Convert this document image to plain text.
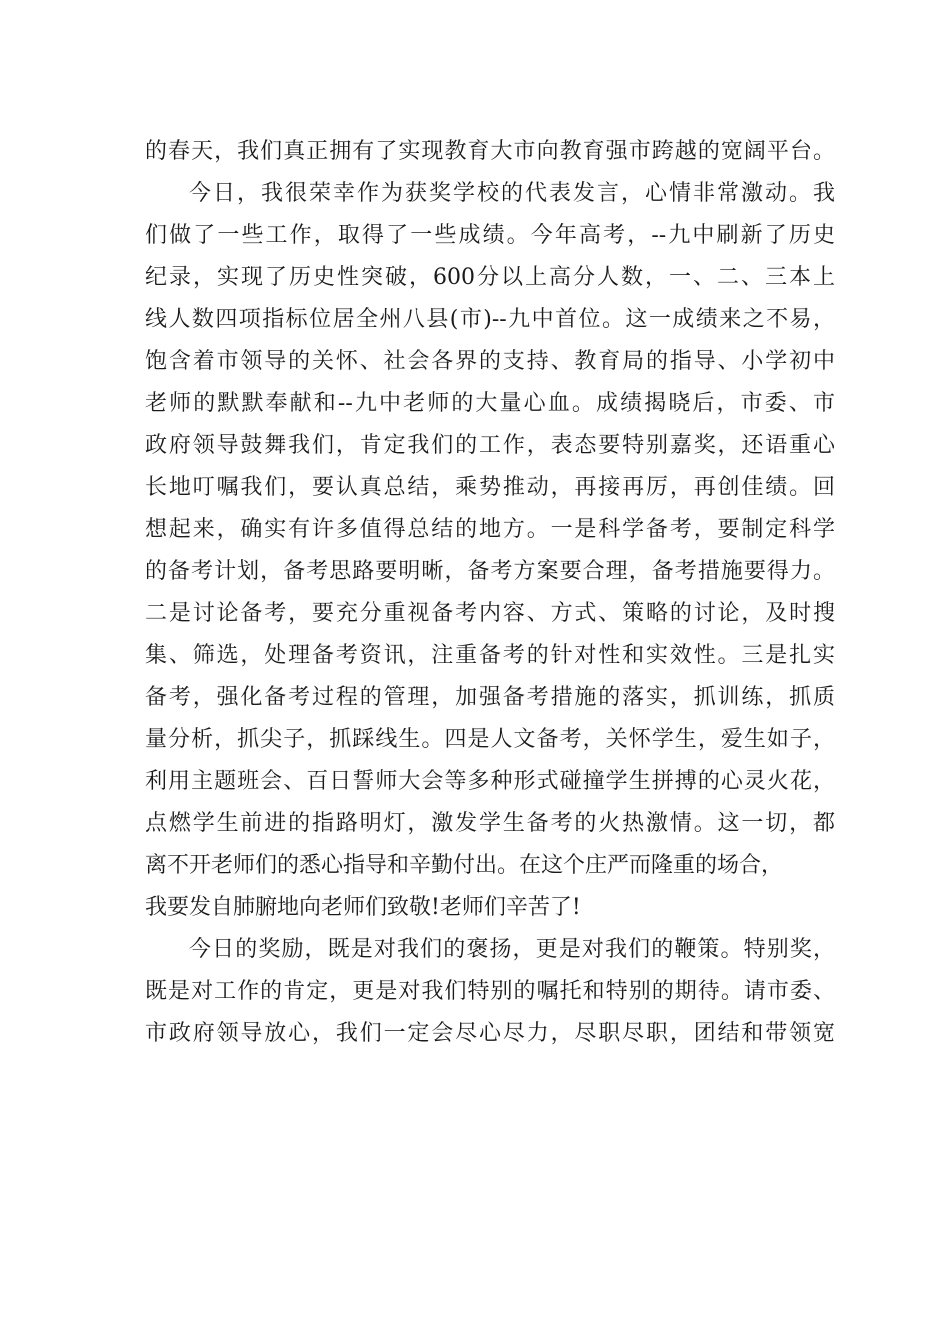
的春天，我们真正拥有了实现教育大市向教育强市跨越的宽阔平台。
今日，我很荣幸作为获奖学校的代表发言，心情非常激动。我
们做了一些工作，取得了一些成绩。今年高考，--九中刷新了历史
纪录，实现了历史性突破，600分以上高分人数，一、二、三本上
线人数四项指标位居全州八县(市)--九中首位。这一成绩来之不易，
饱含着市领导的关怀、社会各界的支持、教育局的指导、小学初中
老师的默默奉献和--九中老师的大量心血。成绩揭晓后，市委、市
政府领导鼓舞我们，肯定我们的工作，表态要特别嘉奖，还语重心
长地叮嘱我们，要认真总结，乘势推动，再接再厉，再创佳绩。回
想起来，确实有许多值得总结的地方。一是科学备考，要制定科学
的备考计划，备考思路要明晰，备考方案要合理，备考措施要得力。
二是讨论备考，要充分重视备考内容、方式、策略的讨论，及时搜
集、筛选，处理备考资讯，注重备考的针对性和实效性。三是扎实
备考，强化备考过程的管理，加强备考措施的落实，抓训练，抓质
量分析，抓尖子，抓踩线生。四是人文备考，关怀学生，爱生如子，
利用主题班会、百日誓师大会等多种形式碰撞学生拼搏的心灵火花，
点燃学生前进的指路明灯，激发学生备考的火热激情。这一切，都
离不开老师们的悉心指导和辛勤付出。在这个庄严而隆重的场合，
我要发自肺腑地向老师们致敬!老师们辛苦了!
今日的奖励，既是对我们的褒扬，更是对我们的鞭策。特别奖，
既是对工作的肯定，更是对我们特别的嘱托和特别的期待。请市委、
市政府领导放心，我们一定会尽心尽力，尽职尽职，团结和带领宽
